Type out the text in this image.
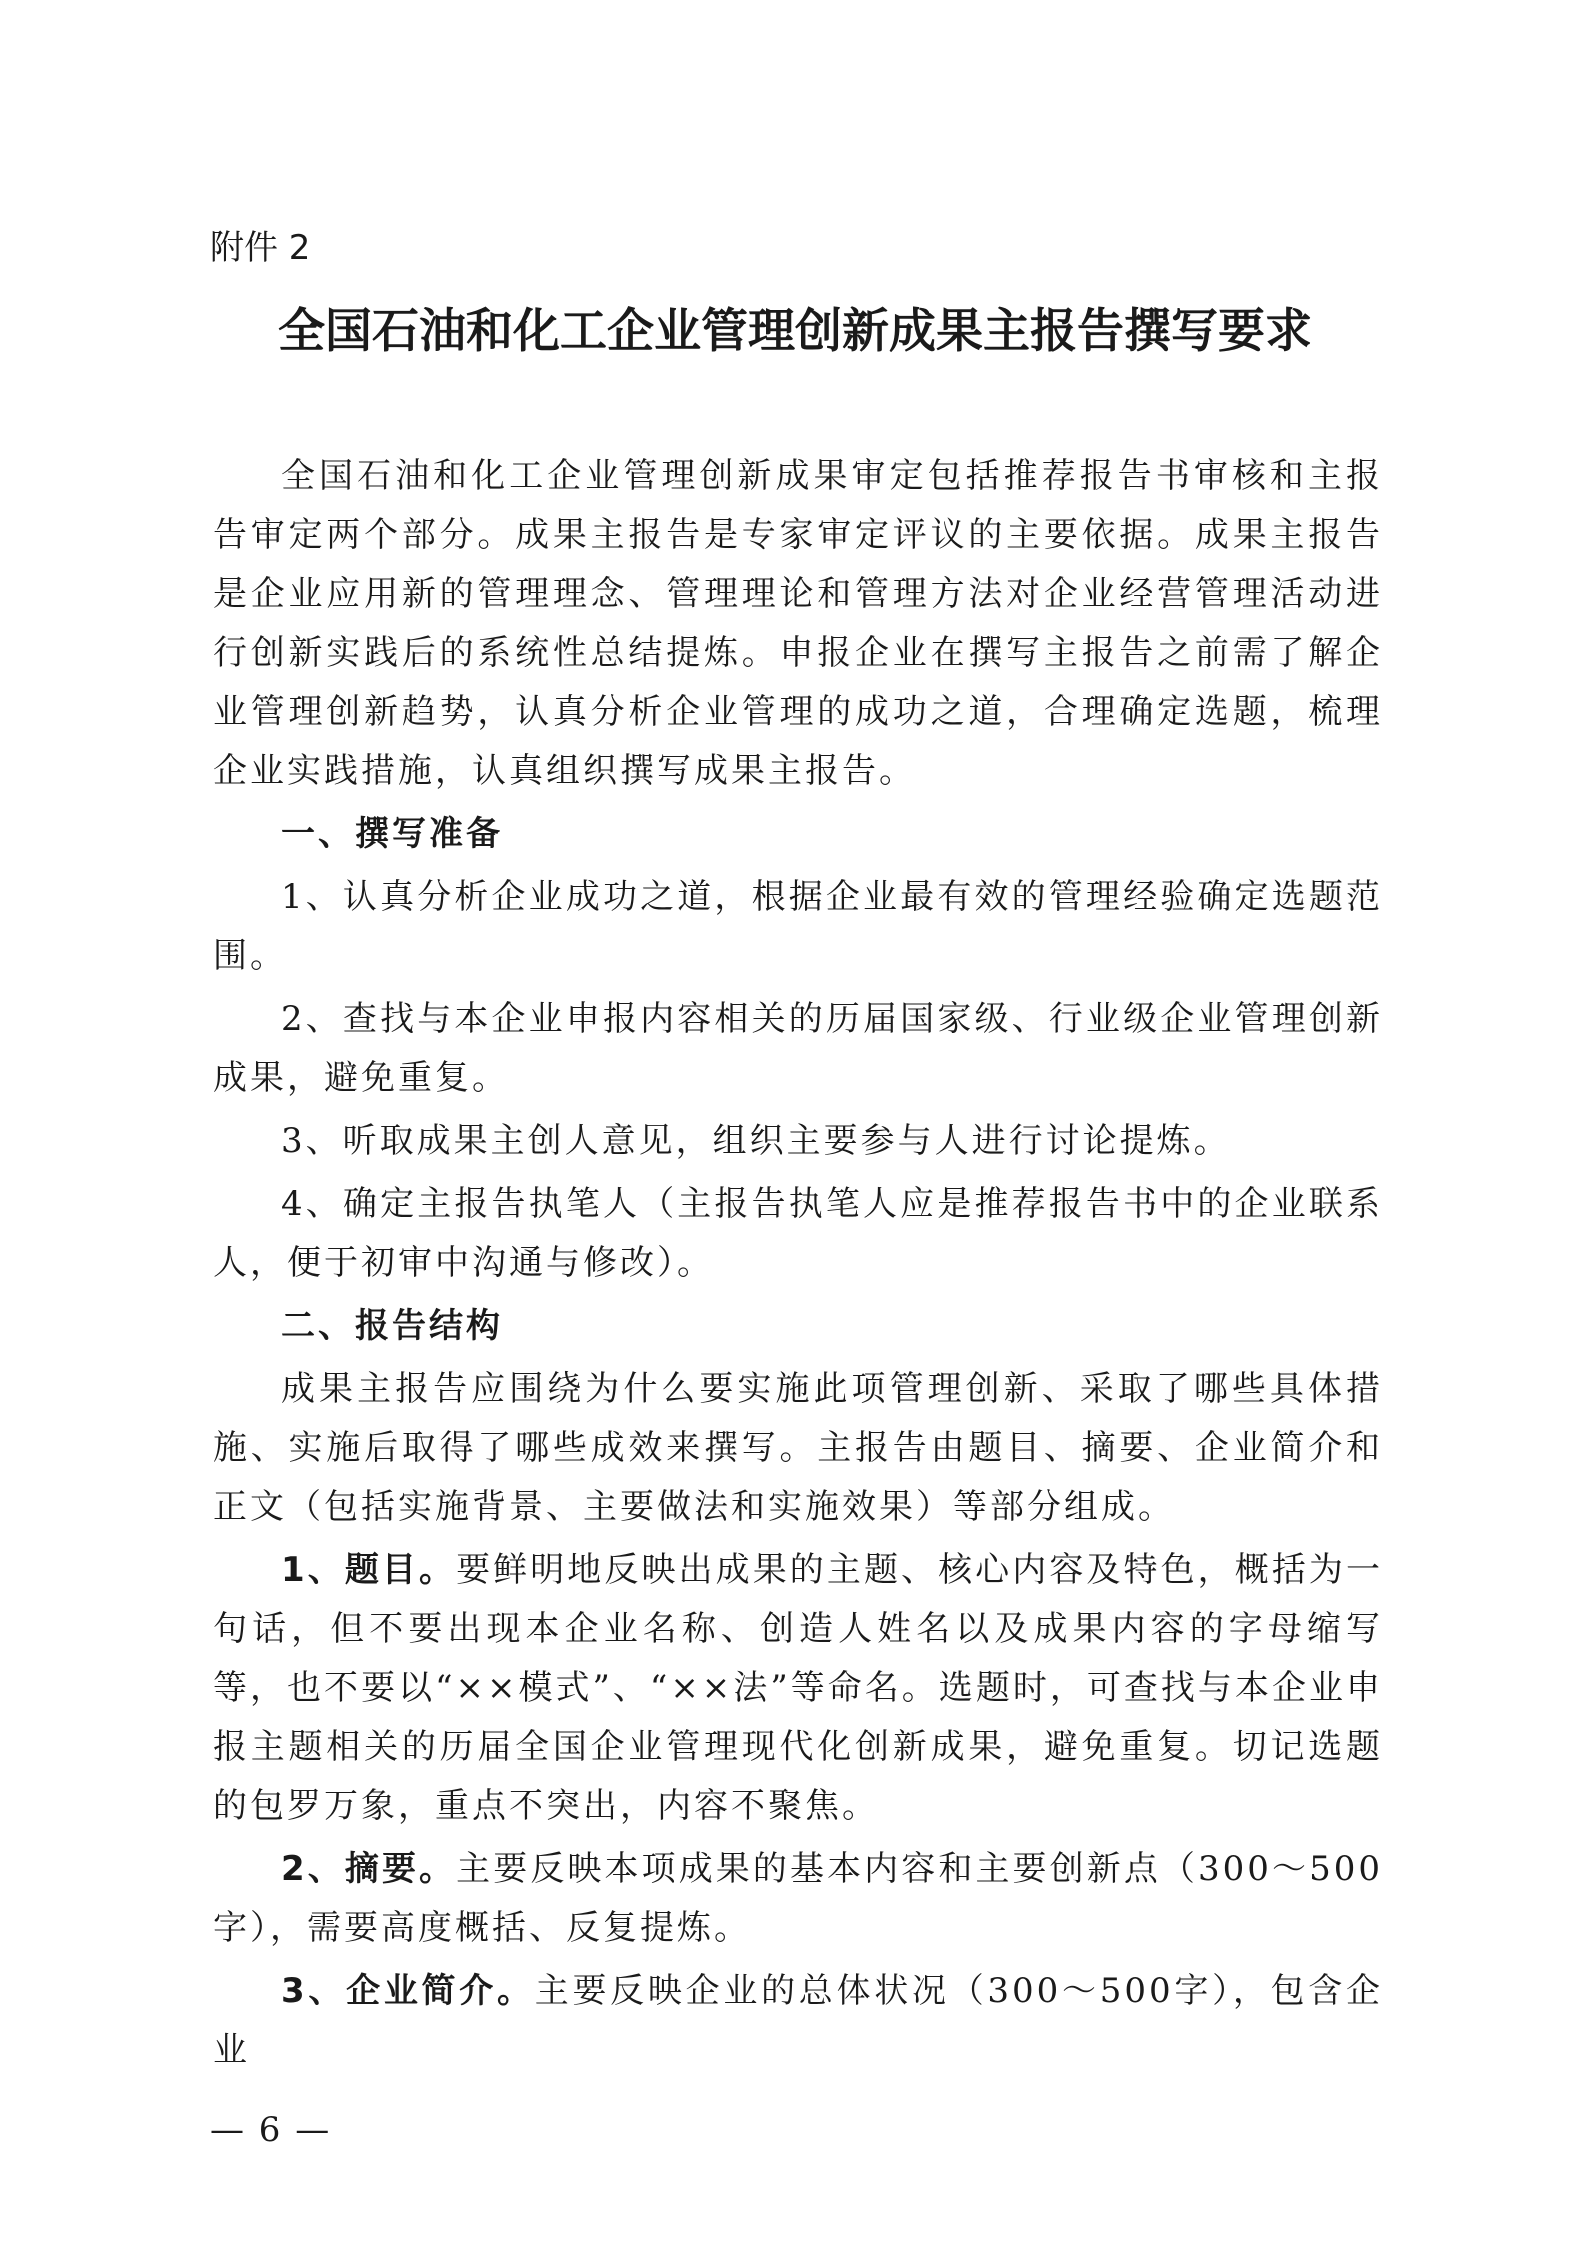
附件 2
全国石油和化工企业管理创新成果主报告撰写要求

全国石油和化工企业管理创新成果审定包括推荐报告书审核和主报告审定两个部分。成果主报告是专家审定评议的主要依据。成果主报告是企业应用新的管理理念、管理理论和管理方法对企业经营管理活动进行创新实践后的系统性总结提炼。申报企业在撰写主报告之前需了解企业管理创新趋势，认真分析企业管理的成功之道，合理确定选题，梳理企业实践措施，认真组织撰写成果主报告。

一、撰写准备

1、认真分析企业成功之道，根据企业最有效的管理经验确定选题范围。

2、查找与本企业申报内容相关的历届国家级、行业级企业管理创新成果，避免重复。

3、听取成果主创人意见，组织主要参与人进行讨论提炼。

4、确定主报告执笔人（主报告执笔人应是推荐报告书中的企业联系人，便于初审中沟通与修改）。

二、报告结构

成果主报告应围绕为什么要实施此项管理创新、采取了哪些具体措施、实施后取得了哪些成效来撰写。主报告由题目、摘要、企业简介和正文（包括实施背景、主要做法和实施效果）等部分组成。

1、题目。要鲜明地反映出成果的主题、核心内容及特色，概括为一句话，但不要出现本企业名称、创造人姓名以及成果内容的字母缩写等，也不要以“××模式”、“××法”等命名。选题时，可查找与本企业申报主题相关的历届全国企业管理现代化创新成果，避免重复。切记选题的包罗万象，重点不突出，内容不聚焦。

2、摘要。主要反映本项成果的基本内容和主要创新点（300～500字），需要高度概括、反复提炼。

3、企业简介。主要反映企业的总体状况（300～500字），包含企业

— 6 —
